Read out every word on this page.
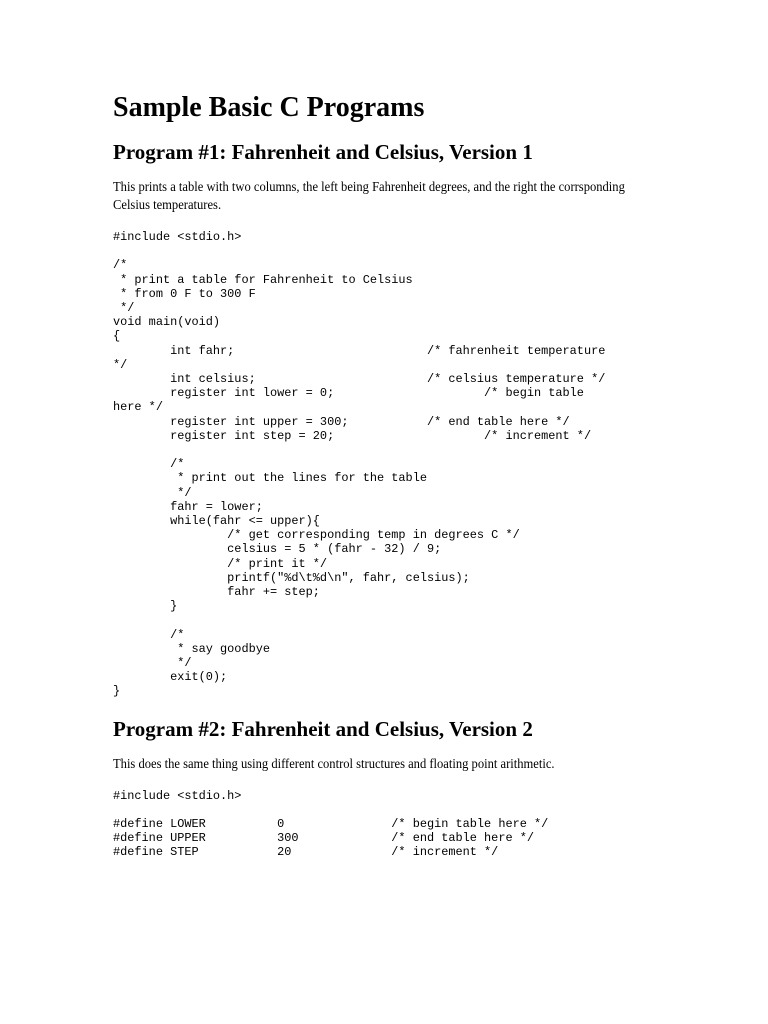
Sample Basic C Programs
Program #1: Fahrenheit and Celsius, Version 1

This prints a table with two columns, the left being Fahrenheit degrees, and the right the corrsponding Celsius temperatures.

#include <stdio.h>
/*
* print a table for Fahrenheit to Celsius
* from 0 F to 300 F
*/
void main(void)
{
int fahr;                           /* fahrenheit temperature
*/
int celsius;                        /* celsius temperature */
register int lower = 0;                     /* begin table
here */
register int upper = 300;           /* end table here */
register int step = 20;                     /* increment */
/*
* print out the lines for the table
*/
fahr = lower;
while(fahr <= upper){
/* get corresponding temp in degrees C */
celsius = 5 * (fahr - 32) / 9;
/* print it */
printf("%d\t%d\n", fahr, celsius);
fahr += step;
}
/*
* say goodbye
*/
exit(0);
}
Program #2: Fahrenheit and Celsius, Version 2

This does the same thing using different control structures and floating point arithmetic.

#include <stdio.h>
#define LOWER          0               /* begin table here */
#define UPPER          300             /* end table here */
#define STEP           20              /* increment */
